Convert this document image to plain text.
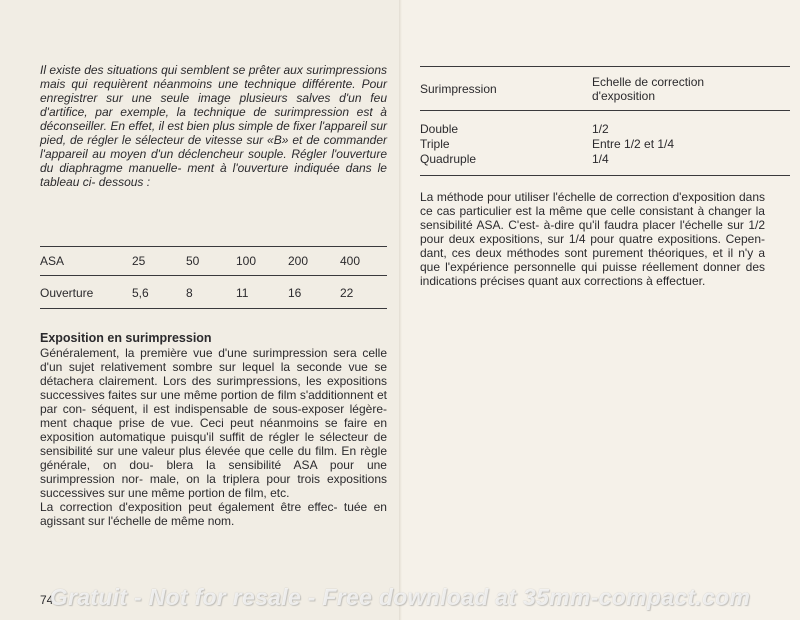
Il existe des situations qui semblent se prêter aux surimpressions mais qui requièrent néanmoins une technique différente. Pour enregistrer sur une seule image plusieurs salves d'un feu d'artifice, par exemple, la technique de surimpression est à déconseiller. En effet, il est bien plus simple de fixer l'appareil sur pied, de régler le sélecteur de vitesse sur «B» et de commander l'appareil au moyen d'un déclencheur souple. Régler l'ouverture du diaphragme manuelle- ment à l'ouverture indiquée dans le tableau ci- dessous :

ASA	25	50	100	200	400
Ouverture	5,6	8	11	16	22
Exposition en surimpression

Généralement, la première vue d'une surimpression sera celle d'un sujet relativement sombre sur lequel la seconde vue se détachera clairement. Lors des surimpressions, les expositions successives faites sur une même portion de film s'additionnent et par con- séquent, il est indispensable de sous-exposer légère- ment chaque prise de vue. Ceci peut néanmoins se faire en exposition automatique puisqu'il suffit de régler le sélecteur de sensibilité sur une valeur plus élevée que celle du film. En règle générale, on dou- blera la sensibilité ASA pour une surimpression nor- male, on la triplera pour trois expositions successives sur une même portion de film, etc.
La correction d'exposition peut également être effec- tuée en agissant sur l'échelle de même nom.

74
Surimpression	Echelle de correction
d'exposition
Double	1/2
Triple	Entre 1/2 et 1/4
Quadruple	1/4

La méthode pour utiliser l'échelle de correction d'exposition dans ce cas particulier est la même que celle consistant à changer la sensibilité ASA. C'est- à-dire qu'il faudra placer l'échelle sur 1/2 pour deux expositions, sur 1/4 pour quatre expositions. Cepen- dant, ces deux méthodes sont purement théoriques, et il n'y a que l'expérience personnelle qui puisse réellement donner des indications précises quant aux corrections à effectuer.

Gratuit - Not for resale - Free download at 35mm-compact.com
